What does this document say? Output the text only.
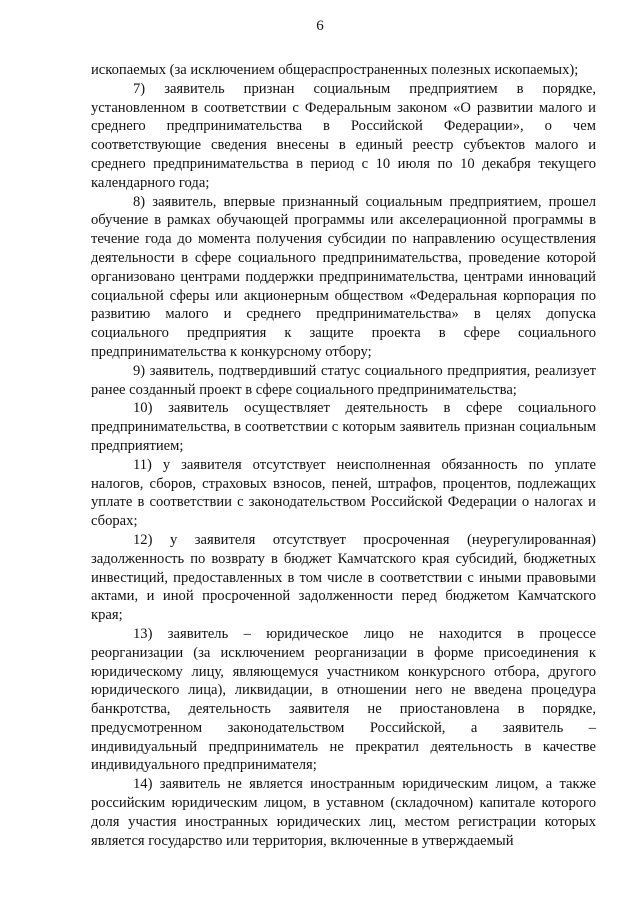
6

ископаемых (за исключением общераспространенных полезных ископаемых);

7) заявитель признан социальным предприятием в порядке, установленном в соответствии с Федеральным законом «О развитии малого и среднего предпринимательства в Российской Федерации», о чем соответствующие сведения внесены в единый реестр субъектов малого и среднего предпринимательства в период с 10 июля по 10 декабря текущего календарного года;

8) заявитель, впервые признанный социальным предприятием, прошел обучение в рамках обучающей программы или акселерационной программы в течение года до момента получения субсидии по направлению осуществления деятельности в сфере социального предпринимательства, проведение которой организовано центрами поддержки предпринимательства, центрами инноваций социальной сферы или акционерным обществом «Федеральная корпорация по развитию малого и среднего предпринимательства» в целях допуска социального предприятия к защите проекта в сфере социального предпринимательства к конкурсному отбору;

9) заявитель, подтвердивший статус социального предприятия, реализует ранее созданный проект в сфере социального предпринимательства;

10) заявитель осуществляет деятельность в сфере социального предпринимательства, в соответствии с которым заявитель признан социальным предприятием;

11) у заявителя отсутствует неисполненная обязанность по уплате налогов, сборов, страховых взносов, пеней, штрафов, процентов, подлежащих уплате в соответствии с законодательством Российской Федерации о налогах и сборах;

12) у заявителя отсутствует просроченная (неурегулированная) задолженность по возврату в бюджет Камчатского края субсидий, бюджетных инвестиций, предоставленных в том числе в соответствии с иными правовыми актами, и иной просроченной задолженности перед бюджетом Камчатского края;

13) заявитель – юридическое лицо не находится в процессе реорганизации (за исключением реорганизации в форме присоединения к юридическому лицу, являющемуся участником конкурсного отбора, другого юридического лица), ликвидации, в отношении него не введена процедура банкротства, деятельность заявителя не приостановлена в порядке, предусмотренном законодательством Российской, а заявитель – индивидуальный предприниматель не прекратил деятельность в качестве индивидуального предпринимателя;

14) заявитель не является иностранным юридическим лицом, а также российским юридическим лицом, в уставном (складочном) капитале которого доля участия иностранных юридических лиц, местом регистрации которых является государство или территория, включенные в утверждаемый
